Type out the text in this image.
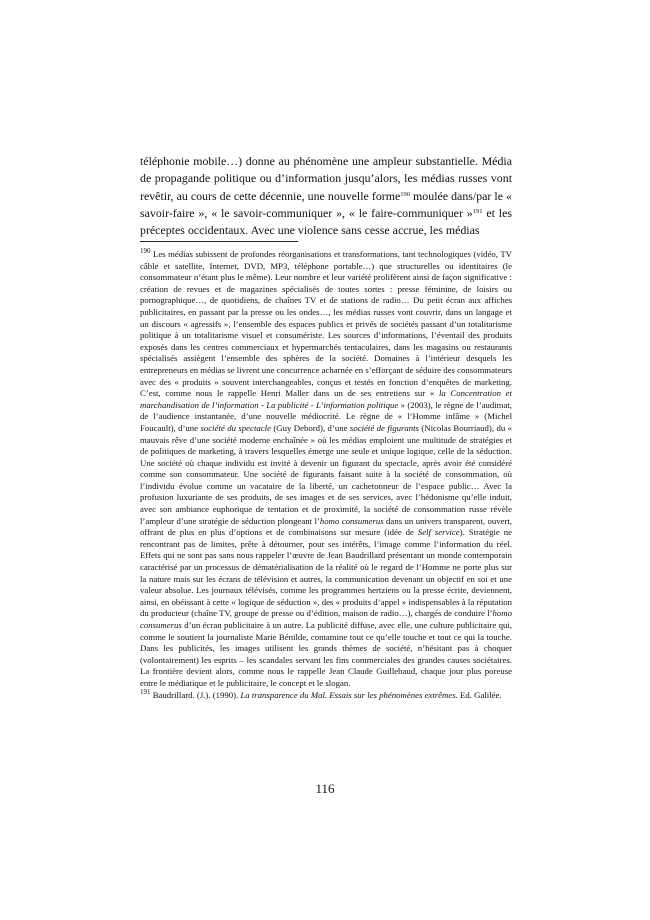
téléphonie mobile…) donne au phénomène une ampleur substantielle. Média de propagande politique ou d’information jusqu’alors, les médias russes vont revêtir, au cours de cette décennie, une nouvelle forme$^{190}$ moulée dans/par le « savoir-faire », « le savoir-communiquer », « le faire-communiquer »$^{191}$ et les préceptes occidentaux. Avec une violence sans cesse accrue, les médias

$^{190}$ Les médias subissent de profondes réorganisations et transformations, tant technologiques (vidéo, TV câble et satellite, Internet, DVD, MP3, téléphone portable…) que structurelles ou identitaires (le consommateur n’étant plus le même). Leur nombre et leur variété prolifèrent ainsi de façon significative : création de revues et de magazines spécialisés de toutes sortes : presse féminine, de loisirs ou pornographique…, de quotidiens, de chaînes TV et de stations de radio… Du petit écran aux affiches publicitaires, en passant par la presse ou les ondes…, les médias russes vont couvrir, dans un langage et un discours « agressifs », l’ensemble des espaces publics et privés de sociétés passant d’un totalitarisme politique à un totalitarisme visuel et consumériste. Les sources d’informations, l’éventail des produits exposés dans les centres commerciaux et hypermarchés tentaculaires, dans les magasins ou restaurants spécialisés assiègent l’ensemble des sphères de la société. Domaines à l’intérieur desquels les entrepreneurs en médias se livrent une concurrence acharnée en s’efforçant de séduire des consommateurs avec des « produits » souvent interchangeables, conçus et testés en fonction d’enquêtes de marketing. C’est, comme nous le rappelle Henri Maller dans un de ses entretiens sur « la Concentration et marchandisation de l’information - La publicité - L’information politique » (2003), le règne de l’audimat, de l’audience instantanée, d’une nouvelle médiocrité. Le règne de « l’Homme infâme » (Michel Foucault), d’une société du spectacle (Guy Debord), d’une société de figurants (Nicolas Bourriaud), du « mauvais rêve d’une société moderne enchaînée » où les médias emploient une multitude de stratégies et de politiques de marketing, à travers lesquelles émerge une seule et unique logique, celle de la séduction. Une société où chaque individu est invité à devenir un figurant du spectacle, après avoir été considéré comme son consommateur. Une société de figurants faisant suite à la société de consommation, où l’individu évolue comme un vacataire de la liberté, un cachetonneur de l’espace public… Avec la profusion luxuriante de ses produits, de ses images et de ses services, avec l’hédonisme qu’elle induit, avec son ambiance euphorique de tentation et de proximité, la société de consommation russe révèle l’ampleur d’une stratégie de séduction plongeant l’homo consumerus dans un univers transparent, ouvert, offrant de plus en plus d’options et de combinaisons sur mesure (idée de Self service). Stratégie ne rencontrant pas de limites, prête à détourner, pour ses intérêts, l’image comme l’information du réel. Effets qui ne sont pas sans nous rappeler l’œuvre de Jean Baudrillard présentant un monde contemporain caractérisé par un processus de dématérialisation de la réalité où le regard de l’Homme ne porte plus sur la nature mais sur les écrans de télévision et autres, la communication devenant un objectif en soi et une valeur absolue. Les journaux télévisés, comme les programmes hertziens ou la presse écrite, deviennent, ainsi, en obéissant à cette « logique de séduction », des « produits d’appel » indispensables à la réputation du producteur (chaîne TV, groupe de presse ou d’édition, maison de radio…), chargés de conduire l’homo consumerus d’un écran publicitaire à un autre. La publicité diffuse, avec elle, une culture publicitaire qui, comme le soutient la journaliste Marie Bénilde, contamine tout ce qu’elle touche et tout ce qui la touche. Dans les publicités, les images utilisent les grands thèmes de société, n’hésitant pas à choquer (volontairement) les esprits – les scandales servant les fins commerciales des grandes causes sociétaires. La frontière devient alors, comme nous le rappelle Jean Claude Guillebaud, chaque jour plus poreuse entre le médiatique et le publicitaire, le concept et le slogan.

$^{191}$ Baudrillard. (J.). (1990). La transparence du Mal. Essais sur les phénomènes extrêmes. Ed. Galilée.

116
